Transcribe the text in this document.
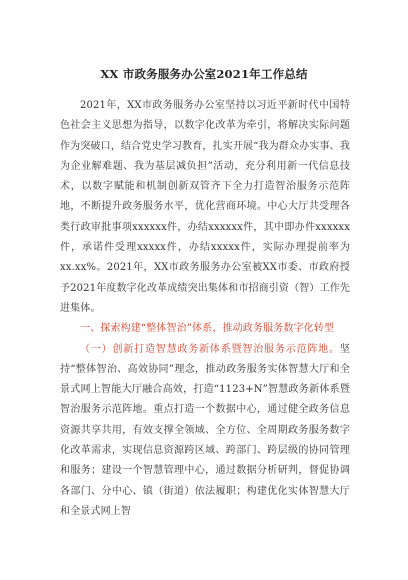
XX 市政务服务办公室2021年工作总结

2021年，XX市政务服务办公室坚持以习近平新时代中国特色社会主义思想为指导，以数字化改革为牵引，将解决实际问题作为突破口，结合党史学习教育，扎实开展“我为群众办实事、我为企业解难题、我为基层减负担”活动，充分利用新一代信息技术，以数字赋能和机制创新双管齐下全力打造智治服务示范阵地，不断提升政务服务水平，优化营商环境。中心大厅共受理各类行政审批事项xxxxxx件，办结xxxxxx件，其中即办件xxxxxx件，承诺件受理xxxxx件，办结xxxxx件，实际办理提前率为xx.xx%。2021年，XX市政务服务办公室被XX市委、市政府授予2021年度数字化改革成绩突出集体和市招商引资（智）工作先进集体。

一、探索构建“整体智治”体系，推动政务服务数字化转型

（一）创新打造智慧政务新体系暨智治服务示范阵地。坚持“整体智治、高效协同”理念，推动政务服务实体智慧大厅和全景式网上智能大厅融合高效，打造“1123+N”智慧政务新体系暨智治服务示范阵地。重点打造一个数据中心，通过健全政务信息资源共享共用，有效支撑全领域、全方位、全周期政务服务数字化改革需求，实现信息资源跨区域、跨部门、跨层级的协同管理和服务；建设一个智慧管理中心，通过数据分析研判，督促协调各部门、分中心、镇（街道）依法履职；构建优化实体智慧大厅和全景式网上智
